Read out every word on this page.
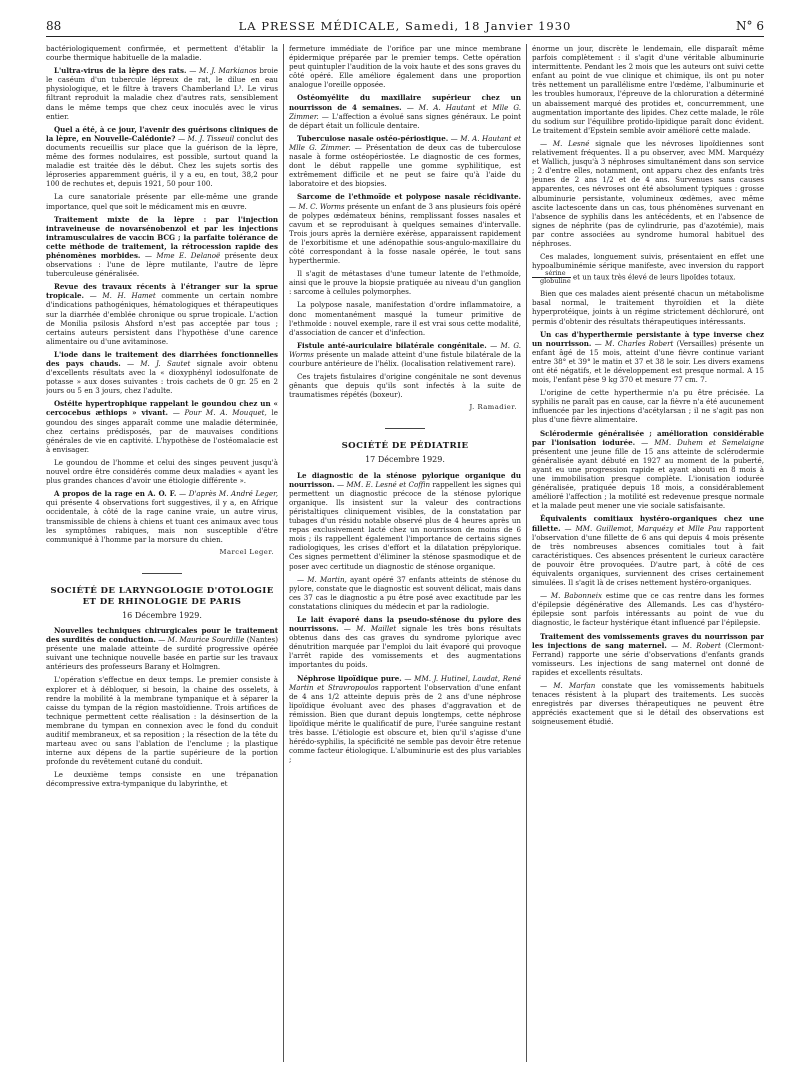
88	LA PRESSE MÉDICALE, Samedi, 18 Janvier 1930	N° 6

bactériologiquement confirmée, et permettent d'établir la courbe thermique habituelle de la maladie.

L'ultra-virus de la lèpre des rats. — M. J. Markianos broie le caséum d'un tubercule lépreux de rat, le dilue en eau physiologique, et le filtre à travers Chamberland L³. Le virus filtrant reproduit la maladie chez d'autres rats, sensiblement dans le même temps que chez ceux inoculés avec le virus entier.

Quel a été, à ce jour, l'avenir des guérisons cliniques de la lèpre, en Nouvelle-Calédonie? — M. J. Tisseuil conclut des documents recueillis sur place que la guérison de la lèpre, même des formes nodulaires, est possible, surtout quand la maladie est traitée dès le début. Chez les sujets sortis des léproseries apparemment guéris, il y a eu, en tout, 38,2 pour 100 de rechutes et, depuis 1921, 50 pour 100.

La cure sanatoriale présente par elle-même une grande importance, quel que soit le médicament mis en œuvre.

Traitement mixte de la lèpre : par l'injection intraveineuse de novarsénobenzol et par les injections intramusculaires de vaccin BCG ; la parfaite tolérance de cette méthode de traitement, la rétrocession rapide des phénomènes morbides. — Mme E. Delanoë présente deux observations : l'une de lèpre mutilante, l'autre de lèpre tuberculeuse généralisée.

Revue des travaux récents à l'étranger sur la sprue tropicale. — M. H. Hamet commente un certain nombre d'indications pathogéniques, hématologiques et thérapeutiques sur la diarrhée d'emblée chronique ou sprue tropicale. L'action de Monilia psilosis Ahsford n'est pas acceptée par tous ; certains auteurs persistent dans l'hypothèse d'une carence alimentaire ou d'une avitaminose.

L'iode dans le traitement des diarrhées fonctionnelles des pays chauds. — M. J. Sautet signale avoir obtenu d'excellents résultats avec la « dioxyphényl iodosulfonate de potasse » aux doses suivantes : trois cachets de 0 gr. 25 en 2 jours ou 5 en 3 jours, chez l'adulte.

Ostéite hypertrophique rappelant le goundou chez un « cercocebus æthiops » vivant. — Pour M. A. Mouquet, le goundou des singes apparaît comme une maladie déterminée, chez certains prédisposés, par de mauvaises conditions générales de vie en captivité. L'hypothèse de l'ostéomalacie est à envisager.

Le goundou de l'homme et celui des singes peuvent jusqu'à nouvel ordre être considérés comme deux maladies « ayant les plus grandes chances d'avoir une étiologie différente ».

A propos de la rage en A. O. F. — D'après M. André Leger, qui présente 4 observations fort suggestives, il y a, en Afrique occidentale, à côté de la rage canine vraie, un autre virus, transmissible de chiens à chiens et tuant ces animaux avec tous les symptômes rabiques, mais non susceptible d'être communiqué à l'homme par la morsure du chien.

Marcel Leger.

SOCIÉTÉ DE LARYNGOLOGIE D'OTOLOGIE ET DE RHINOLOGIE DE PARIS
16 Décembre 1929.

Nouvelles techniques chirurgicales pour le traitement des surdités de conduction. — M. Maurice Sourdille (Nantes) présente une malade atteinte de surdité progressive opérée suivant une technique nouvelle basée en partie sur les travaux antérieurs des professeurs Barany et Holmgren.

L'opération s'effectue en deux temps. Le premier consiste à explorer et à débloquer, si besoin, la chaine des osselets, à rendre la mobilité à la membrane tympanique et à séparer la caisse du tympan de la région mastoïdienne. Trois artifices de technique permettent cette réalisation : la désinsertion de la membrane du tympan en connexion avec le fond du conduit auditif membraneux, et sa reposition ; la résection de la tête du marteau avec ou sans l'ablation de l'enclume ; la plastique interne aux dépens de la partie supérieure de la portion profonde du revêtement cutané du conduit.

Le deuxième temps consiste en une trépanation décompressive extra-tympanique du labyrinthe, et

fermeture immédiate de l'orifice par une mince membrane épidermique préparée par le premier temps. Cette opération peut quintupler l'audition de la voix haute et des sons graves du côté opéré. Elle améliore également dans une proportion analogue l'oreille opposée.

Ostéomyélite du maxillaire supérieur chez un nourrisson de 4 semaines. — M. A. Hautant et Mlle G. Zimmer. — L'affection a évolué sans signes généraux. Le point de départ était un follicule dentaire.

Tuberculose nasale ostéo-périostique. — M. A. Hautant et Mlle G. Zimmer. — Présentation de deux cas de tuberculose nasale à forme ostéopériostée. Le diagnostic de ces formes, dont le début rappelle une gomme syphilitique, est extrêmement difficile et ne peut se faire qu'à l'aide du laboratoire et des biopsies.

Sarcome de l'ethmoïde et polypose nasale récidivante. — M. C. Worms présente un enfant de 3 ans plusieurs fois opéré de polypes œdémateux bénins, remplissant fosses nasales et cavum et se reproduisant à quelques semaines d'intervalle. Trois jours après la dernière exérèse, apparaissent rapidement de l'exorbitisme et une adénopathie sous-angulo-maxillaire du côté correspondant à la fosse nasale opérée, le tout sans hyperthermie.

Il s'agit de métastases d'une tumeur latente de l'ethmoïde, ainsi que le prouve la biopsie pratiquée au niveau d'un ganglion : sarcome à cellules polymorphes.

La polypose nasale, manifestation d'ordre inflammatoire, a donc momentanément masqué la tumeur primitive de l'ethmoïde : nouvel exemple, rare il est vrai sous cette modalité, d'association de cancer et d'infection.

Fistule anté-auriculaire bilatérale congénitale. — M. G. Worms présente un malade atteint d'une fistule bilatérale de la courbure antérieure de l'hélix. (localisation relativement rare).

Ces trajets fistulaires d'origine congénitale ne sont devenus gênants que depuis qu'ils sont infectés à la suite de traumatismes répétés (boxeur).

J. Ramadier.

SOCIÉTÉ DE PÉDIATRIE
17 Décembre 1929.

Le diagnostic de la sténose pylorique organique du nourrisson. — MM. E. Lesné et Coffin rappellent les signes qui permettent un diagnostic précoce de la sténose pylorique organique. Ils insistent sur la valeur des contractions péristaltiques cliniquement visibles, de la constatation par tubages d'un résidu notable observé plus de 4 heures après un repas exclusivement lacté chez un nourrisson de moins de 6 mois ; ils rappellent également l'importance de certains signes radiologiques, les crises d'effort et la dilatation prépylorique. Ces signes permettent d'éliminer la sténose spasmodique et de poser avec certitude un diagnostic de sténose organique.

— M. Martin, ayant opéré 37 enfants atteints de sténose du pylore, constate que le diagnostic est souvent délicat, mais dans ces 37 cas le diagnostic a pu être posé avec exactitude par les constatations cliniques du médecin et par la radiologie.

Le lait évaporé dans la pseudo-sténose du pylore des nourrissons. — M. Maillet signale les très bons résultats obtenus dans des cas graves du syndrome pylorique avec dénutrition marquée par l'emploi du lait évaporé qui provoque l'arrêt rapide des vomissements et des augmentations importantes du poids.

Néphrose lipoïdique pure. — MM. J. Hutinel, Laudat, René Martin et Stravropoulos rapportent l'observation d'une enfant de 4 ans 1/2 atteinte depuis près de 2 ans d'une néphrose lipoïdique évoluant avec des phases d'aggravation et de rémission. Bien que durant depuis longtemps, cette néphrose lipoïdique mérite le qualificatif de pure, l'urée sanguine restant très basse. L'étiologie est obscure et, bien qu'il s'agisse d'une hérédo-syphilis, la spécificité ne semble pas devoir être retenue comme facteur étiologique. L'albuminurie est des plus variables ;

énorme un jour, discrète le lendemain, elle disparaît même parfois complètement : il s'agit d'une véritable albuminurie intermittente. Pendant les 2 mois que les auteurs ont suivi cette enfant au point de vue clinique et chimique, ils ont pu noter très nettement un parallélisme entre l'œdème, l'albuminurie et les troubles humoraux, l'épreuve de la chloruration a déterminé un abaissement marqué des protides et, concurremment, une augmentation importante des lipides. Chez cette malade, le rôle du sodium sur l'équilibre protido-lipidique paraît donc évident. Le traitement d'Epstein semble avoir amélioré cette malade.

— M. Lesné signale que les névroses lipoïdiennes sont relativement fréquentes. Il a pu observer, avec MM. Marquézy et Wallich, jusqu'à 3 néphroses simultanément dans son service ; 2 d'entre elles, notamment, ont apparu chez des enfants très jeunes de 2 ans 1/2 et de 4 ans. Survenues sans causes apparentes, ces névroses ont été absolument typiques : grosse albuminurie persistante, volumineux œdèmes, avec même ascite lactescente dans un cas, tous phénomènes survenant en l'absence de syphilis dans les antécédents, et en l'absence de signes de néphrite (pas de cylindrurie, pas d'azotémie), mais par contre associées au syndrome humoral habituel des néphroses.

Ces malades, longuement suivis, présentaient en effet une hypoalbuminémie sérique manifeste, avec inversion du rapport
$\frac{\text{sérine}}{\text{globuline}}$ et un taux très élevé de leurs lipoïdes totaux.

Bien que ces malades aient présenté chacun un métabolisme basal normal, le traitement thyroïdien et la diète hyperprotéique, joints à un régime strictement déchloruré, ont permis d'obtenir des résultats thérapeutiques intéressants.

Un cas d'hyperthermie persistante à type inverse chez un nourrisson. — M. Charles Robert (Versailles) présente un enfant âgé de 15 mois, atteint d'une fièvre continue variant entre 38° et 39° le matin et 37 et 38 le soir. Les divers examens ont été négatifs, et le développement est presque normal. A 15 mois, l'enfant pèse 9 kg 370 et mesure 77 cm. 7.

L'origine de cette hyperthermie n'a pu être précisée. La syphilis ne paraît pas en cause, car la fièvre n'a été aucunement influencée par les injections d'acétylarsan ; il ne s'agit pas non plus d'une fièvre alimentaire.

Sclérodermie généralisée ; amélioration considérable par l'ionisation iodurée. — MM. Duhem et Semelaigne présentent une jeune fille de 15 ans atteinte de sclérodermie généralisée ayant débuté en 1927 au moment de la puberté, ayant eu une progression rapide et ayant abouti en 8 mois à une immobilisation presque complète. L'ionisation iodurée généralisée, pratiquée depuis 18 mois, a considérablement amélioré l'affection ; la motilité est redevenue presque normale et la malade peut mener une vie sociale satisfaisante.

Équivalents comitiaux hystéro-organiques chez une fillette. — MM. Guillemot, Marquézy et Mlle Pau rapportent l'observation d'une fillette de 6 ans qui depuis 4 mois présente de très nombreuses absences comitiales tout à fait caractéristiques. Ces absences présentent le curieux caractère de pouvoir être provoquées. D'autre part, à côté de ces équivalents organiques, surviennent des crises certainement simulées. Il s'agit là de crises nettement hystéro-organiques.

— M. Babonneix estime que ce cas rentre dans les formes d'épilepsie dégénérative des Allemands. Les cas d'hystéro-épilepsie sont parfois intéressants au point de vue du diagnostic, le facteur hystérique étant influencé par l'épilepsie.

Traitement des vomissements graves du nourrisson par les injections de sang maternel. — M. Robert (Clermont-Ferrand) rapporte une série d'observations d'enfants grands vomisseurs. Les injections de sang maternel ont donné de rapides et excellents résultats.

— M. Marfan constate que les vomissements habituels tenaces résistent à la plupart des traitements. Les succès enregistrés par diverses thérapeutiques ne peuvent être appréciés exactement que si le détail des observations est soigneusement étudié.
